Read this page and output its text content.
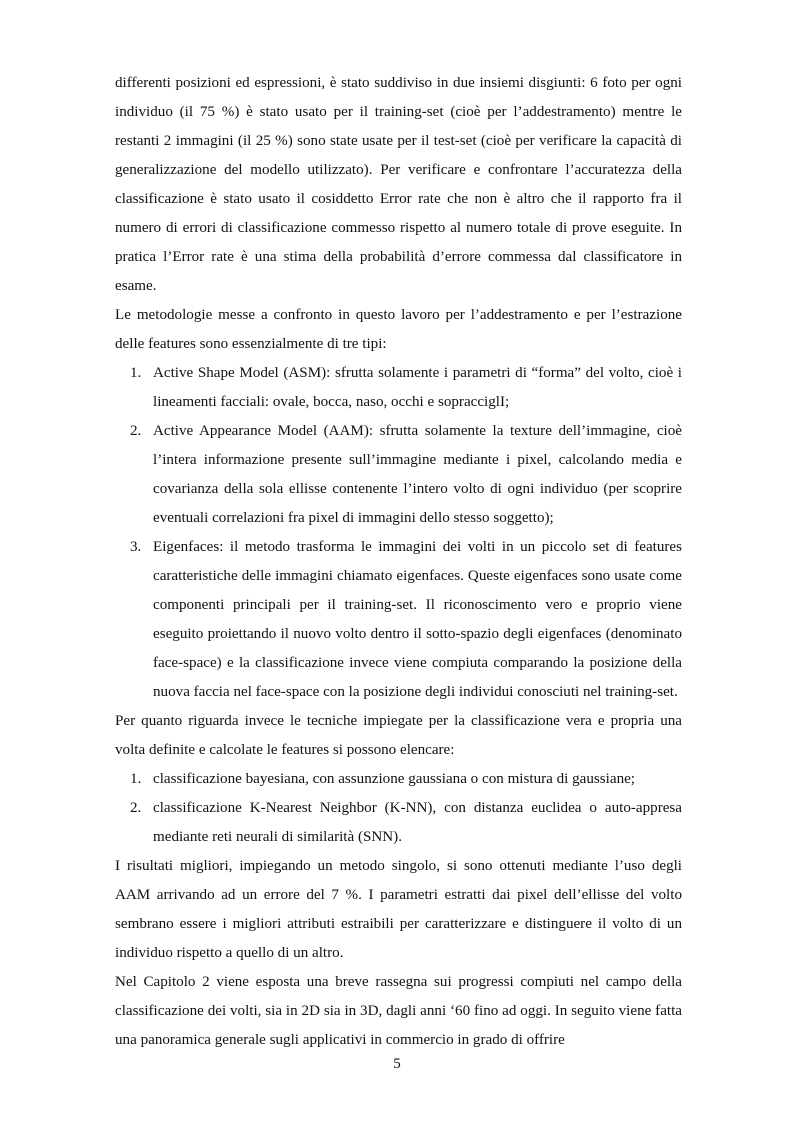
differenti posizioni ed espressioni, è stato suddiviso in due insiemi disgiunti: 6 foto per ogni individuo (il 75 %) è stato usato per il training-set (cioè per l’addestramento) mentre le restanti 2 immagini (il 25 %) sono state usate per il test-set (cioè per verificare la capacità di generalizzazione del modello utilizzato). Per verificare e confrontare l’accuratezza della classificazione è stato usato il cosiddetto Error rate che non è altro che il rapporto fra il numero di errori di classificazione commesso rispetto al numero totale di prove eseguite. In pratica l’Error rate è una stima della probabilità d’errore commessa dal classificatore in esame.

Le metodologie messe a confronto in questo lavoro per l’addestramento e per l’estrazione delle features sono essenzialmente di tre tipi:

1. Active Shape Model (ASM): sfrutta solamente i parametri di “forma” del volto, cioè i lineamenti facciali: ovale, bocca, naso, occhi e sopracciglI;
2. Active Appearance Model (AAM): sfrutta solamente la texture dell’immagine, cioè l’intera informazione presente sull’immagine mediante i pixel, calcolando media e covarianza della sola ellisse contenente l’intero volto di ogni individuo (per scoprire eventuali correlazioni fra pixel di immagini dello stesso soggetto);
3. Eigenfaces: il metodo trasforma le immagini dei volti in un piccolo set di features caratteristiche delle immagini chiamato eigenfaces. Queste eigenfaces sono usate come componenti principali per il training-set. Il riconoscimento vero e proprio viene eseguito proiettando il nuovo volto dentro il sotto-spazio degli eigenfaces (denominato face-space) e la classificazione invece viene compiuta comparando la posizione della nuova faccia nel face-space con la posizione degli individui conosciuti nel training-set.

Per quanto riguarda invece le tecniche impiegate per la classificazione vera e propria una volta definite e calcolate le features si possono elencare:

1. classificazione bayesiana, con assunzione gaussiana o con mistura di gaussiane;
2. classificazione K-Nearest Neighbor (K-NN), con distanza euclidea o auto-appresa mediante reti neurali di similarità (SNN).

I risultati migliori, impiegando un metodo singolo, si sono ottenuti mediante l’uso degli AAM arrivando ad un errore del 7 %. I parametri estratti dai pixel dell’ellisse del volto sembrano essere i migliori attributi estraibili per caratterizzare e distinguere il volto di un individuo rispetto a quello di un altro.

Nel Capitolo 2 viene esposta una breve rassegna sui progressi compiuti nel campo della classificazione dei volti, sia in 2D sia in 3D, dagli anni ‘60 fino ad oggi. In seguito viene fatta una panoramica generale sugli applicativi in commercio in grado di offrire

5
